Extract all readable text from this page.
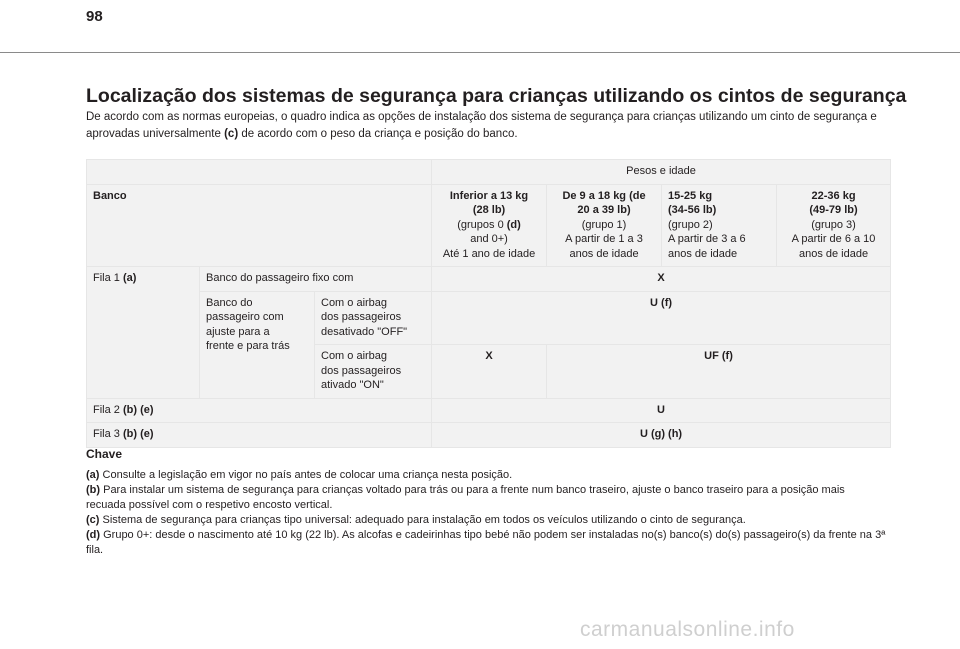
98
Localização dos sistemas de segurança para crianças utilizando os cintos de segurança

De acordo com as normas europeias, o quadro indica as opções de instalação dos sistema de segurança para crianças utilizando um cinto de segurança e aprovadas universalmente (c) de acordo com o peso da criança e posição do banco.

			Pesos e idade			
Banco			Inferior a 13 kg
(28 lb)
(grupos 0 (d)
and 0+)
Até 1 ano de idade	De 9 a 18 kg (de
20 a 39 lb)
(grupo 1)
A partir de 1 a 3
anos de idade	15-25 kg
(34-56 lb)
(grupo 2)
A partir de 3 a 6
anos de idade	22-36 kg
(49-79 lb)
(grupo 3)
A partir de 6 a 10
anos de idade
Fila 1 (a)	Banco do passageiro fixo com		X			
	Banco do
passageiro com
ajuste para a
frente e para trás	Com o airbag
dos passageiros
desativado "OFF"	U (f)			
		Com o airbag
dos passageiros
ativado "ON"	X	UF (f)		
Fila 2 (b) (e)			U			
Fila 3 (b) (e)			U (g) (h)			
Chave

(a) Consulte a legislação em vigor no país antes de colocar uma criança nesta posição.

(b) Para instalar um sistema de segurança para crianças voltado para trás ou para a frente num banco traseiro, ajuste o banco traseiro para a posição mais recuada possível com o respetivo encosto vertical.

(c) Sistema de segurança para crianças tipo universal: adequado para instalação em todos os veículos utilizando o cinto de segurança.

(d) Grupo 0+: desde o nascimento até 10 kg (22 lb). As alcofas e cadeirinhas tipo bebé não podem ser instaladas no(s) banco(s) do(s) passageiro(s) da frente na 3ª fila.

carmanualsonline.info
